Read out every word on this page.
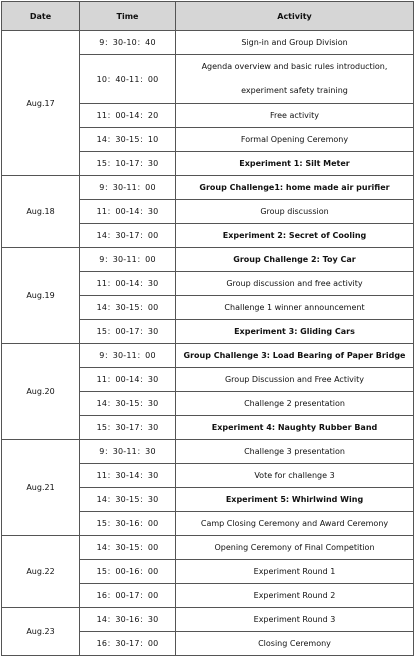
Date	Time	Activity
Aug.17	9：30-10：40	Sign-in and Group Division
	10：40-11：00	Agenda overview and basic rules introduction, experiment safety training
	11：00-14：20	Free activity
	14：30-15：10	Formal Opening Ceremony
	15：10-17：30	Experiment 1: Silt Meter
Aug.18	9：30-11：00	Group Challenge1: home made air purifier
	11：00-14：30	Group discussion
	14：30-17：00	Experiment 2: Secret of Cooling
Aug.19	9：30-11：00	Group Challenge 2: Toy Car
	11：00-14：30	Group discussion and free activity
	14：30-15：00	Challenge 1 winner announcement
	15：00-17：30	Experiment 3: Gliding Cars
Aug.20	9：30-11：00	Group Challenge 3: Load Bearing of Paper Bridge
	11：00-14：30	Group Discussion and Free Activity
	14：30-15：30	Challenge 2 presentation
	15：30-17：30	Experiment 4: Naughty Rubber Band
Aug.21	9：30-11：30	Challenge 3 presentation
	11：30-14：30	Vote for challenge 3
	14：30-15：30	Experiment 5: Whirlwind Wing
	15：30-16：00	Camp Closing Ceremony and Award Ceremony
Aug.22	14：30-15：00	Opening Ceremony of Final Competition
	15：00-16：00	Experiment Round 1
	16：00-17：00	Experiment Round 2
Aug.23	14：30-16：30	Experiment Round 3
	16：30-17：00	Closing Ceremony
